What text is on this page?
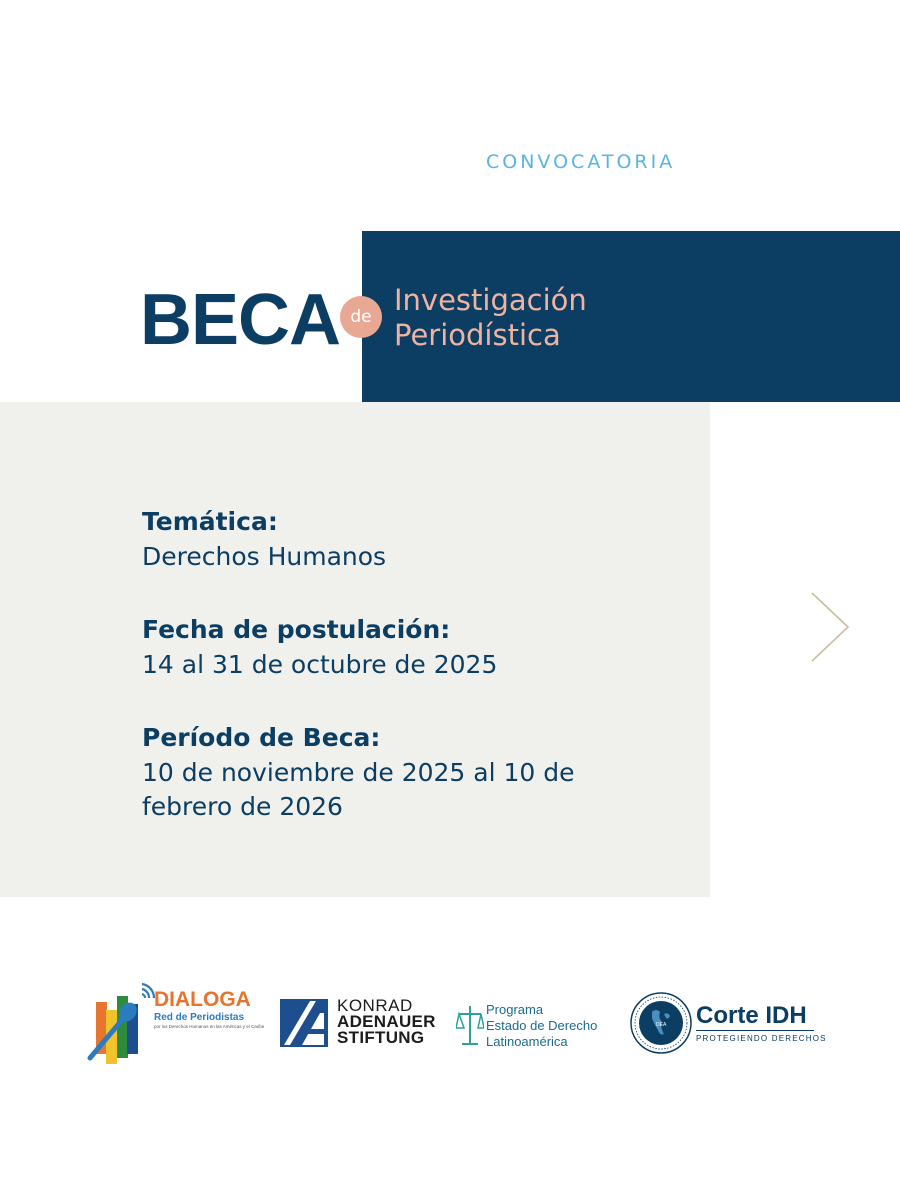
CONVOCATORIA
BECA de Investigación
Periodística
Temática:
Derechos Humanos
Fecha de postulación:
14 al 31 de octubre de 2025
Período de Beca:
10 de noviembre de 2025 al 10 de febrero de 2026
DIALOGA
Red de Periodistas
por los Derechos Humanos en las Américas y el Caribe
KONRAD
ADENAUER
STIFTUNG
Programa
Estado de Derecho
Latinoamérica
OEA Corte IDH
PROTEGIENDO DERECHOS
